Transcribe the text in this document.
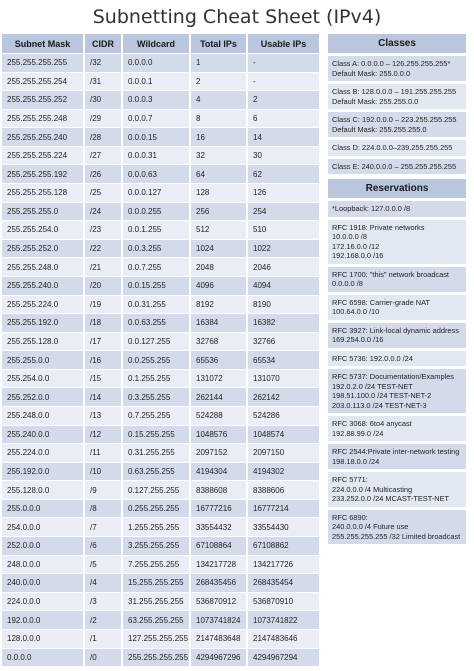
Subnetting Cheat Sheet (IPv4)
Subnet Mask	CIDR	Wildcard	Total IPs	Usable IPs
255.255.255.255	/32	0.0.0.0	1	-
255.255.255.254	/31	0.0.0.1	2	-
255.255.255.252	/30	0.0.0.3	4	2
255.255.255.248	/29	0.0.0.7	8	6
255.255.255.240	/28	0.0.0.15	16	14
255.255.255.224	/27	0.0.0.31	32	30
255.255.255.192	/26	0.0.0.63	64	62
255.255.255.128	/25	0.0.0.127	128	126
255.255.255.0	/24	0.0.0.255	256	254
255.255.254.0	/23	0.0.1.255	512	510
255.255.252.0	/22	0.0.3.255	1024	1022
255.255.248.0	/21	0.0.7.255	2048	2046
255.255.240.0	/20	0.0.15.255	4096	4094
255.255.224.0	/19	0.0.31.255	8192	8190
255.255.192.0	/18	0.0.63.255	16384	16382
255.255.128.0	/17	0.0.127.255	32768	32766
255.255.0.0	/16	0.0.255.255	65536	65534
255.254.0.0	/15	0.1.255.255	131072	131070
255.252.0.0	/14	0.3.255.255	262144	262142
255.248.0.0	/13	0.7.255.255	524288	524286
255.240.0.0	/12	0.15.255.255	1048576	1048574
255.224.0.0	/11	0.31.255.255	2097152	2097150
255.192.0.0	/10	0.63.255.255	4194304	4194302
255.128.0.0	/9	0.127.255.255	8388608	8388606
255.0.0.0	/8	0.255.255.255	16777216	16777214
254.0.0.0	/7	1.255.255.255	33554432	33554430
252.0.0.0	/6	3.255.255.255	67108864	67108862
248.0.0.0	/5	7.255.255.255	134217728	134217726
240.0.0.0	/4	15.255.255.255	268435456	268435454
224.0.0.0	/3	31.255.255.255	536870912	536870910
192.0.0.0	/2	63.255.255.255	1073741824	1073741822
128.0.0.0	/1	127.255.255.255	2147483648	2147483646
0.0.0.0	/0	255.255.255.255	4294967296	4294967294
Classes
Class A: 0.0.0.0 – 126.255.255.255*
Default Mask: 255.0.0.0
Class B: 128.0.0.0 – 191.255.255.255
Default Mask: 255.255.0.0
Class C: 192.0.0.0 – 223.255.255.255
Default Mask: 255.255.255.0
Class D: 224.0.0.0–239.255.255.255
Class E: 240.0.0.0 – 255.255.255.255
Reservations
*Loopback: 127.0.0.0 /8
RFC 1918: Private networks
10.0.0.0 /8
172.16.0.0 /12
192.168.0.0 /16
RFC 1700: "this" network broadcast
0.0.0.0 /8
RFC 6598: Carrier-grade NAT
100.64.0.0 /10
RFC 3927: Link-local dynamic address
169.254.0.0 /16
RFC 5736: 192.0.0.0 /24
RFC 5737: Documentation/Examples
192.0.2.0 /24 TEST-NET
198.51.100.0 /24 TEST-NET-2
203.0.113.0 /24 TEST-NET-3
RFC 3068: 6to4 anycast
192.88.99.0 /24
RFC 2544:Private inter-network testing
198.18.0.0 /24
RFC 5771:
224.0.0.0 /4 Multicasting
233.252.0.0 /24 MCAST-TEST-NET
RFC 6890:
240.0.0.0 /4 Future use
255.255.255.255 /32 Limited broadcast
